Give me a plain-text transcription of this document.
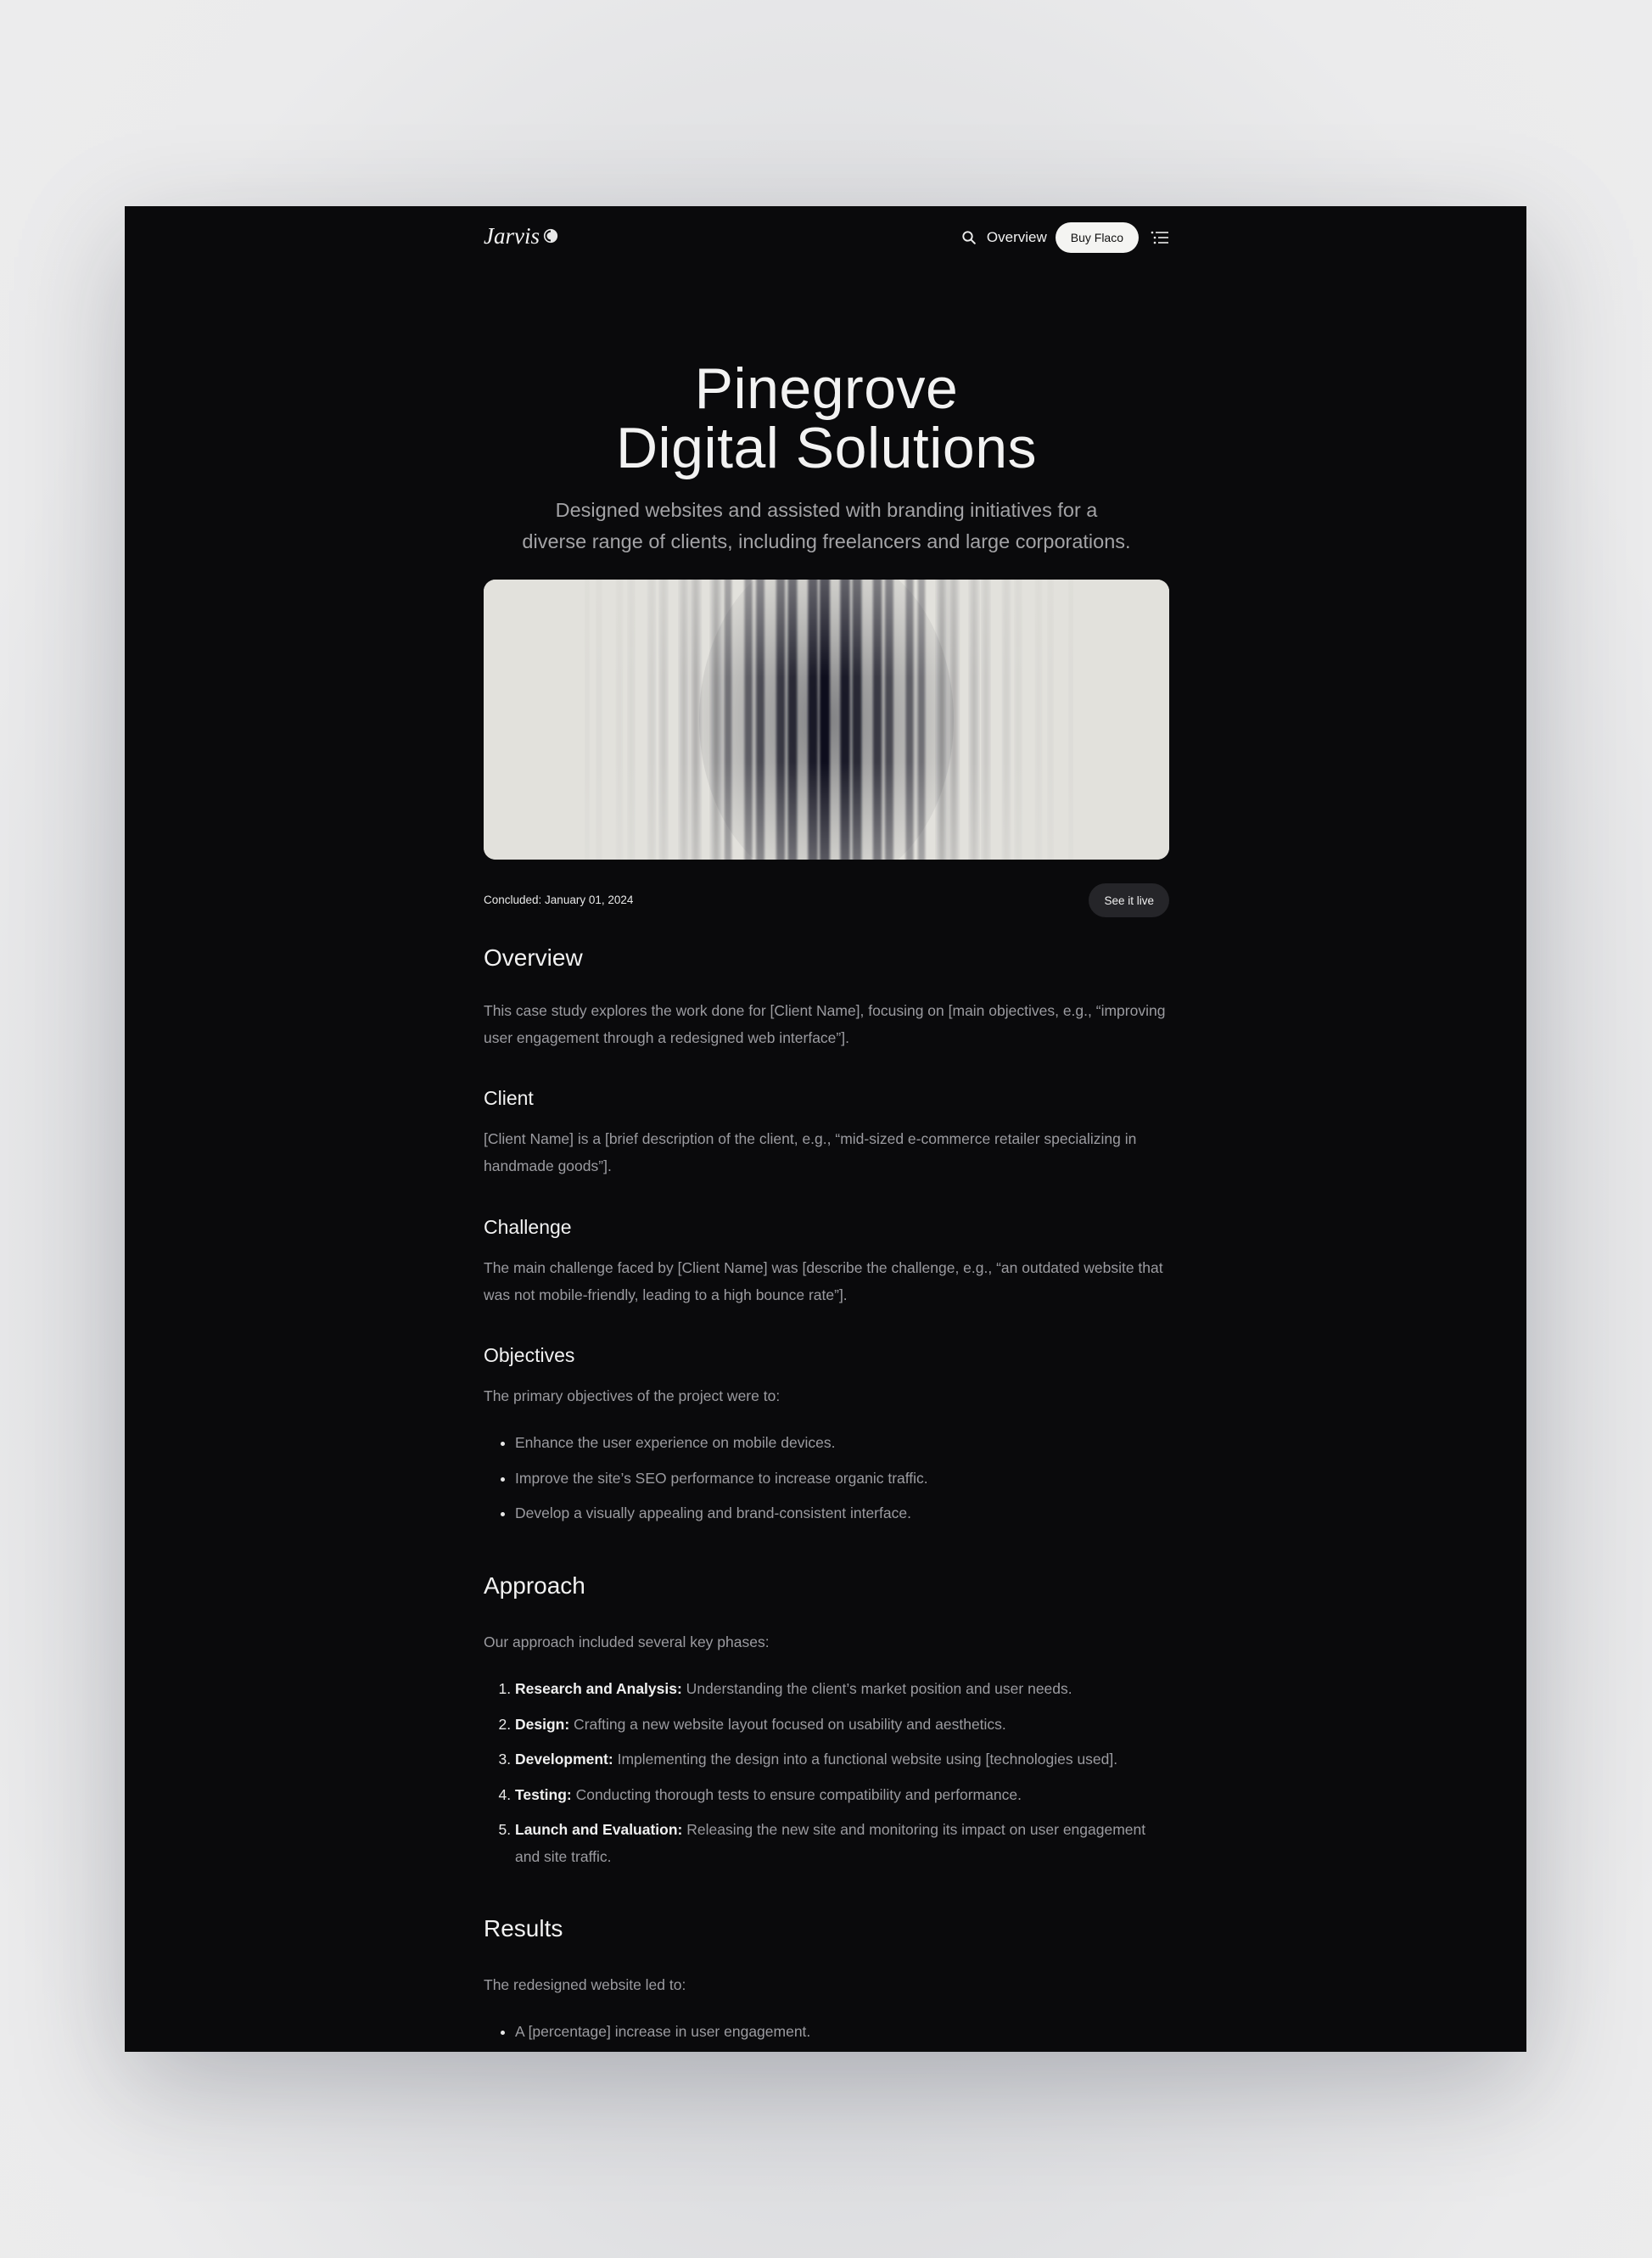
Jarvis	Overview	Buy Flaco
Pinegrove
Digital Solutions

Designed websites and assisted with branding initiatives for a
diverse range of clients, including freelancers and large corporations.

Concluded: January 01, 2024	See it live
Overview

This case study explores the work done for [Client Name], focusing on [main objectives, e.g., “improving user engagement through a redesigned web interface”].

Client

[Client Name] is a [brief description of the client, e.g., “mid-sized e-commerce retailer specializing in handmade goods”].

Challenge

The main challenge faced by [Client Name] was [describe the challenge, e.g., “an outdated website that was not mobile-friendly, leading to a high bounce rate”].

Objectives

The primary objectives of the project were to:

• Enhance the user experience on mobile devices.
• Improve the site’s SEO performance to increase organic traffic.
• Develop a visually appealing and brand-consistent interface.
Approach

Our approach included several key phases:

1. Research and Analysis: Understanding the client’s market position and user needs.
2. Design: Crafting a new website layout focused on usability and aesthetics.
3. Development: Implementing the design into a functional website using [technologies used].
4. Testing: Conducting thorough tests to ensure compatibility and performance.
5. Launch and Evaluation: Releasing the new site and monitoring its impact on user engagement and site traffic.
Results

The redesigned website led to:

• A [percentage] increase in user engagement.
